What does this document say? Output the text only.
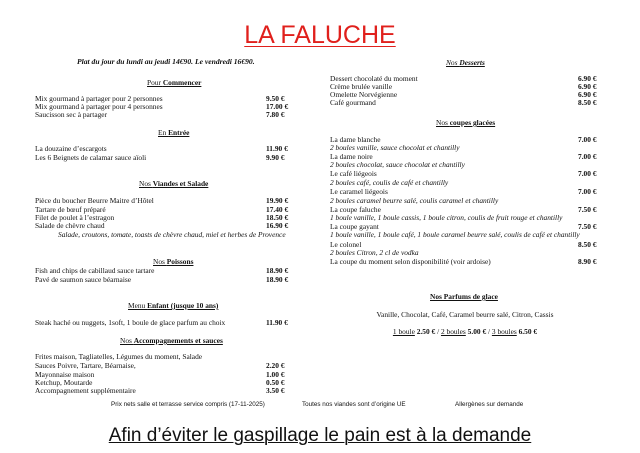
LA FALUCHE
Plat du jour du lundi au jeudi 14€90. Le vendredi 16€90.
Pour Commencer
Mix gourmand à partager pour 2 personnes	9.50 €
Mix gourmand à partager pour 4 personnes	17.00 €
Saucisson sec à partager	7.80 €
En Entrée
La douzaine d’escargots	11.90 €
Les 6 Beignets de calamar sauce aïoli	9.90 €
Nos Viandes et Salade
Pièce du boucher Beurre Maitre d’Hôtel	19.90 €
Tartare de bœuf préparé	17.40 €
Filet de poulet à l’estragon	18.50 €
Salade de chèvre chaud	16.90 €
Salade, croutons, tomate, toasts de chèvre chaud, miel et herbes de Provence
Nos Poissons
Fish and chips de cabillaud sauce tartare	18.90 €
Pavé de saumon sauce béarnaise	18.90 €
Menu Enfant (jusque 10 ans)
Steak haché ou nuggets, 1soft, 1 boule de glace parfum au choix	11.90 €
Nos Accompagnements et sauces
Frites maison, Tagliatelles, Légumes du moment, Salade
Sauces Poivre, Tartare, Béarnaise,	2.20 €
Mayonnaise maison	1.00 €
Ketchup, Moutarde	0.50 €
Accompagnement supplémentaire	3.50 €
Nos Desserts
Dessert chocolaté du moment	6.90 €
Crème brulée vanille	6.90 €
Omelette Norvégienne	6.90 €
Café gourmand	8.50 €
Nos coupes glacées
La dame blanche	7.00 €
2 boules vanille, sauce chocolat et chantilly
La dame noire	7.00 €
2 boules chocolat, sauce chocolat et chantilly
Le café liégeois	7.00 €
2 boules café, coulis de café et chantilly
Le caramel liégeois	7.00 €
2 boules caramel beurre salé, coulis caramel et chantilly
La coupe faluche	7.50 €
1 boule vanille, 1 boule cassis, 1 boule citron, coulis de fruit rouge et chantilly
La coupe gayant	7.50 €
1 boule vanille, 1 boule café, 1 boule caramel beurre salé, coulis de café et chantilly
Le colonel	8.50 €
2 boules Citron, 2 cl de vodka
La coupe du moment selon disponibilité (voir ardoise)	8.90 €
Nos Parfums de glace
Vanille, Chocolat, Café, Caramel beurre salé, Citron, Cassis
1 boule 2.50 € / 2 boules 5.00 € / 3 boules 6.50 €
Prix nets salle et terrasse service compris (17-11-2025)	Toutes nos viandes sont d’origine UE	Allergènes sur demande
Afin d’éviter le gaspillage le pain est à la demande
